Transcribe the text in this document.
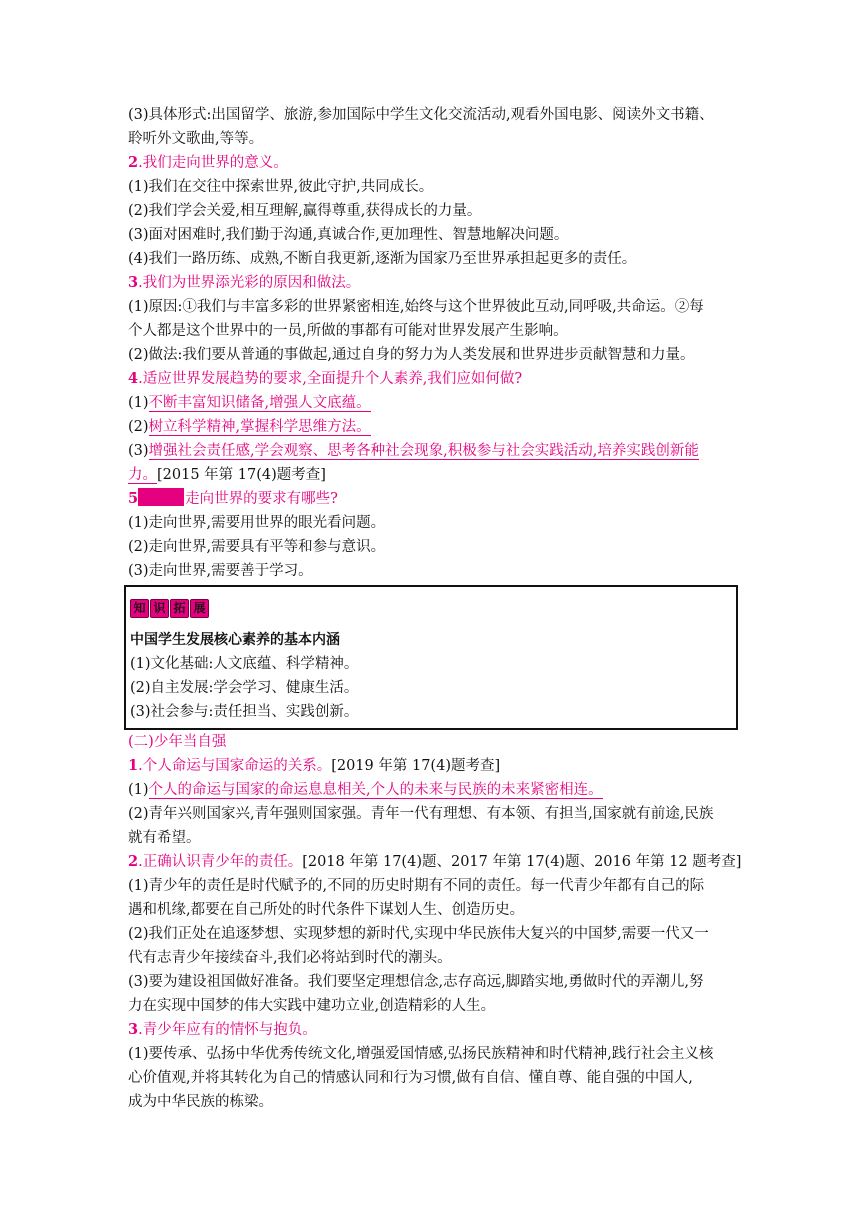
(3)具体形式:出国留学、旅游,参加国际中学生文化交流活动,观看外国电影、阅读外文书籍、
聆听外文歌曲,等等。
2.我们走向世界的意义。
(1)我们在交往中探索世界,彼此守护,共同成长。
(2)我们学会关爱,相互理解,赢得尊重,获得成长的力量。
(3)面对困难时,我们勤于沟通,真诚合作,更加理性、智慧地解决问题。
(4)我们一路历练、成熟,不断自我更新,逐渐为国家乃至世界承担起更多的责任。
3.我们为世界添光彩的原因和做法。
(1)原因:①我们与丰富多彩的世界紧密相连,始终与这个世界彼此互动,同呼吸,共命运。②每
个人都是这个世界中的一员,所做的事都有可能对世界发展产生影响。
(2)做法:我们要从普通的事做起,通过自身的努力为人类发展和世界进步贡献智慧和力量。
4.适应世界发展趋势的要求,全面提升个人素养,我们应如何做?
(1)不断丰富知识储备,增强人文底蕴。
(2)树立科学精神,掌握科学思维方法。
(3)增强社会责任感,学会观察、思考各种社会现象,积极参与社会实践活动,培养实践创新能
力。[2015 年第 17(4)题考查]
5	走向世界的要求有哪些?
(1)走向世界,需要用世界的眼光看问题。
(2)走向世界,需要具有平等和参与意识。
(3)走向世界,需要善于学习。
知 识 拓 展
中国学生发展核心素养的基本内涵
(1)文化基础:人文底蕴、科学精神。
(2)自主发展:学会学习、健康生活。
(3)社会参与:责任担当、实践创新。
(二)少年当自强
1.个人命运与国家命运的关系。[2019 年第 17(4)题考查]
(1)个人的命运与国家的命运息息相关,个人的未来与民族的未来紧密相连。
(2)青年兴则国家兴,青年强则国家强。青年一代有理想、有本领、有担当,国家就有前途,民族
就有希望。
2.正确认识青少年的责任。[2018 年第 17(4)题、2017 年第 17(4)题、2016 年第 12 题考查]
(1)青少年的责任是时代赋予的,不同的历史时期有不同的责任。每一代青少年都有自己的际
遇和机缘,都要在自己所处的时代条件下谋划人生、创造历史。
(2)我们正处在追逐梦想、实现梦想的新时代,实现中华民族伟大复兴的中国梦,需要一代又一
代有志青少年接续奋斗,我们必将站到时代的潮头。
(3)要为建设祖国做好准备。我们要坚定理想信念,志存高远,脚踏实地,勇做时代的弄潮儿,努
力在实现中国梦的伟大实践中建功立业,创造精彩的人生。
3.青少年应有的情怀与抱负。
(1)要传承、弘扬中华优秀传统文化,增强爱国情感,弘扬民族精神和时代精神,践行社会主义核
心价值观,并将其转化为自己的情感认同和行为习惯,做有自信、懂自尊、能自强的中国人,
成为中华民族的栋梁。
